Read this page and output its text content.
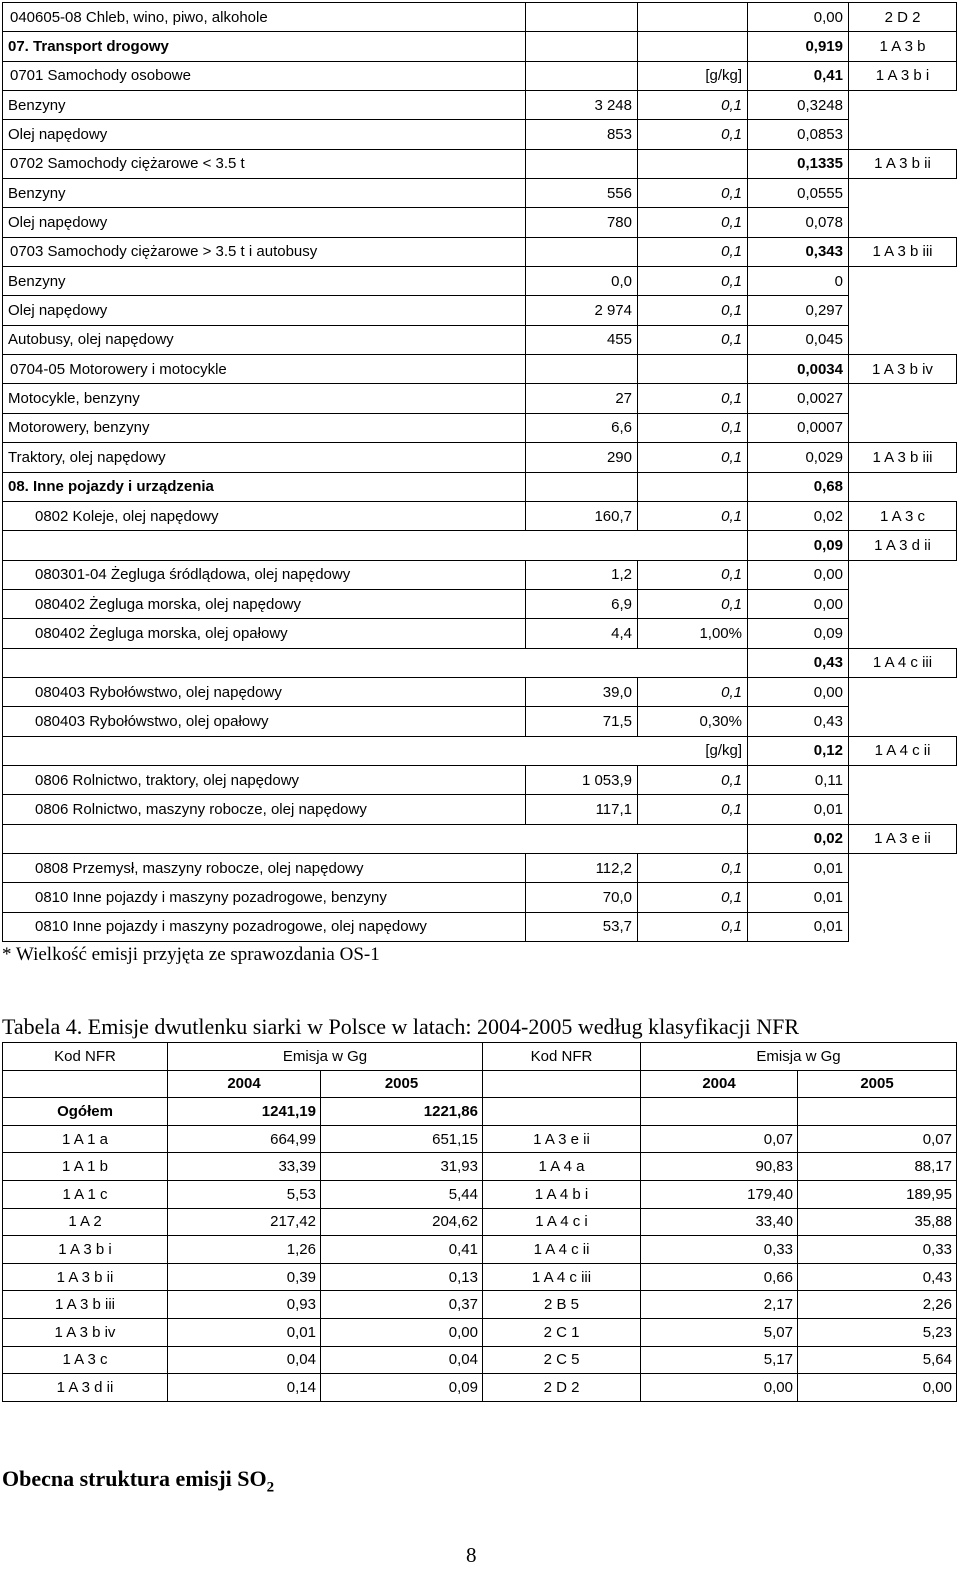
040605-08 Chleb, wino, piwo, alkohole			0,00	2 D 2
07. Transport drogowy			0,919	1 A 3 b
0701 Samochody osobowe		[g/kg]	0,41	1 A 3 b i
Benzyny	3 248	0,1	0,3248	
Olej napędowy	853	0,1	0,0853	
0702 Samochody ciężarowe < 3.5 t			0,1335	1 A 3 b ii
Benzyny	556	0,1	0,0555	
Olej napędowy	780	0,1	0,078	
0703 Samochody ciężarowe > 3.5 t i autobusy		0,1	0,343	1 A 3 b iii
Benzyny	0,0	0,1	0	
Olej napędowy	2 974	0,1	0,297	
Autobusy, olej napędowy	455	0,1	0,045	
0704-05 Motorowery i motocykle			0,0034	1 A 3 b iv
Motocykle, benzyny	27	0,1	0,0027	
Motorowery, benzyny	6,6	0,1	0,0007	
Traktory, olej napędowy	290	0,1	0,029	1 A 3 b iii
08. Inne pojazdy i urządzenia			0,68	
0802 Koleje, olej napędowy	160,7	0,1	0,02	1 A 3 c
			0,09	1 A 3 d ii
080301-04 Żegluga śródlądowa, olej napędowy	1,2	0,1	0,00	
080402 Żegluga morska, olej napędowy	6,9	0,1	0,00	
080402 Żegluga morska, olej opałowy	4,4	1,00%	0,09	
			0,43	1 A 4 c iii
080403 Rybołówstwo, olej napędowy	39,0	0,1	0,00	
080403 Rybołówstwo, olej opałowy	71,5	0,30%	0,43	
		[g/kg]	0,12	1 A 4 c ii
0806 Rolnictwo, traktory, olej napędowy	1 053,9	0,1	0,11	
0806 Rolnictwo, maszyny robocze, olej napędowy	117,1	0,1	0,01	
			0,02	1 A 3 e ii
0808 Przemysł, maszyny robocze, olej napędowy	112,2	0,1	0,01	
0810 Inne pojazdy i maszyny pozadrogowe, benzyny	70,0	0,1	0,01	
0810 Inne pojazdy i maszyny pozadrogowe, olej napędowy	53,7	0,1	0,01	
* Wielkość emisji przyjęta ze sprawozdania OS-1
Tabela 4. Emisje dwutlenku siarki w Polsce w latach: 2004-2005 według klasyfikacji NFR
Kod NFR	Emisja w Gg		Kod NFR	Emisja w Gg	
	2004	2005		2004	2005
Ogółem	1241,19	1221,86			
1 A 1 a	664,99	651,15	1 A 3 e ii	0,07	0,07
1 A 1 b	33,39	31,93	1 A 4 a	90,83	88,17
1 A 1 c	5,53	5,44	1 A 4 b i	179,40	189,95
1 A 2	217,42	204,62	1 A 4 c i	33,40	35,88
1 A 3 b i	1,26	0,41	1 A 4 c ii	0,33	0,33
1 A 3 b ii	0,39	0,13	1 A 4 c iii	0,66	0,43
1 A 3 b iii	0,93	0,37	2 B 5	2,17	2,26
1 A 3 b iv	0,01	0,00	2 C 1	5,07	5,23
1 A 3 c	0,04	0,04	2 C 5	5,17	5,64
1 A 3 d ii	0,14	0,09	2 D 2	0,00	0,00
Obecna struktura emisji $SO_2$
8
